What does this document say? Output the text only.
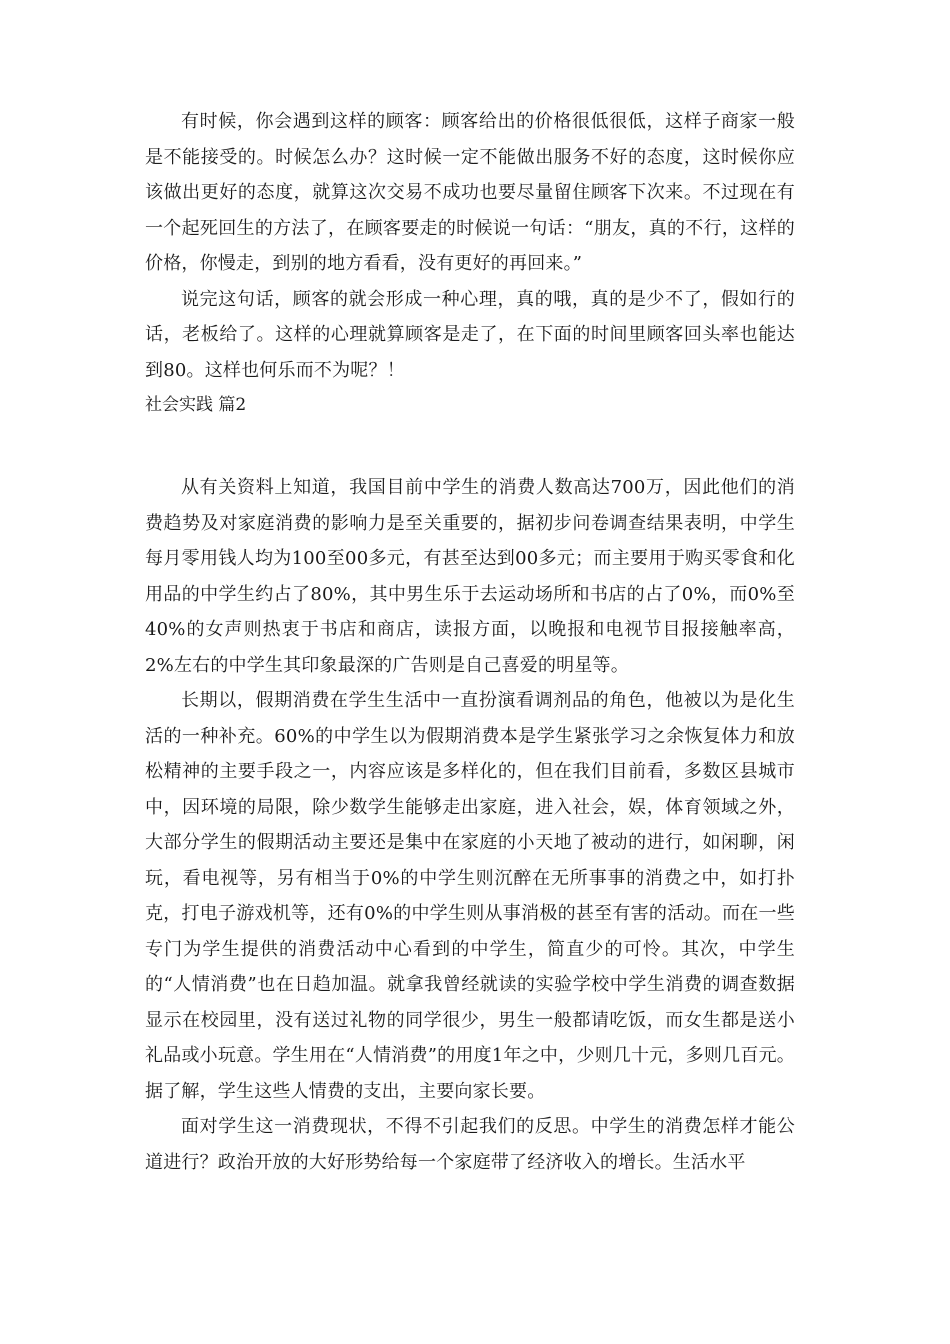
有时候，你会遇到这样的顾客：顾客给出的价格很低很低，这样子商家一般是不能接受的。时候怎么办？这时候一定不能做出服务不好的态度，这时候你应该做出更好的态度，就算这次交易不成功也要尽量留住顾客下次来。不过现在有一个起死回生的方法了，在顾客要走的时候说一句话：“朋友，真的不行，这样的价格，你慢走，到别的地方看看，没有更好的再回来。”

说完这句话，顾客的就会形成一种心理，真的哦，真的是少不了，假如行的话，老板给了。这样的心理就算顾客是走了，在下面的时间里顾客回头率也能达到80。这样也何乐而不为呢？！

社会实践 篇2

从有关资料上知道，我国目前中学生的消费人数高达700万，因此他们的消费趋势及对家庭消费的影响力是至关重要的，据初步问卷调查结果表明，中学生每月零用钱人均为100至00多元，有甚至达到00多元；而主要用于购买零食和化用品的中学生约占了80%，其中男生乐于去运动场所和书店的占了0%，而0%至40%的女声则热衷于书店和商店，读报方面，以晚报和电视节目报接触率高，2%左右的中学生其印象最深的广告则是自己喜爱的明星等。

长期以，假期消费在学生生活中一直扮演看调剂品的角色，他被以为是化生活的一种补充。60%的中学生以为假期消费本是学生紧张学习之余恢复体力和放松精神的主要手段之一，内容应该是多样化的，但在我们目前看，多数区县城市中，因环境的局限，除少数学生能够走出家庭，进入社会，娱，体育领域之外，大部分学生的假期活动主要还是集中在家庭的小天地了被动的进行，如闲聊，闲玩，看电视等，另有相当于0%的中学生则沉醉在无所事事的消费之中，如打扑克，打电子游戏机等，还有0%的中学生则从事消极的甚至有害的活动。而在一些专门为学生提供的消费活动中心看到的中学生，简直少的可怜。其次，中学生的“人情消费”也在日趋加温。就拿我曾经就读的实验学校中学生消费的调查数据显示在校园里，没有送过礼物的同学很少，男生一般都请吃饭，而女生都是送小礼品或小玩意。学生用在“人情消费”的用度1年之中，少则几十元，多则几百元。据了解，学生这些人情费的支出，主要向家长要。

面对学生这一消费现状，不得不引起我们的反思。中学生的消费怎样才能公道进行？政治开放的大好形势给每一个家庭带了经济收入的增长。生活水平
